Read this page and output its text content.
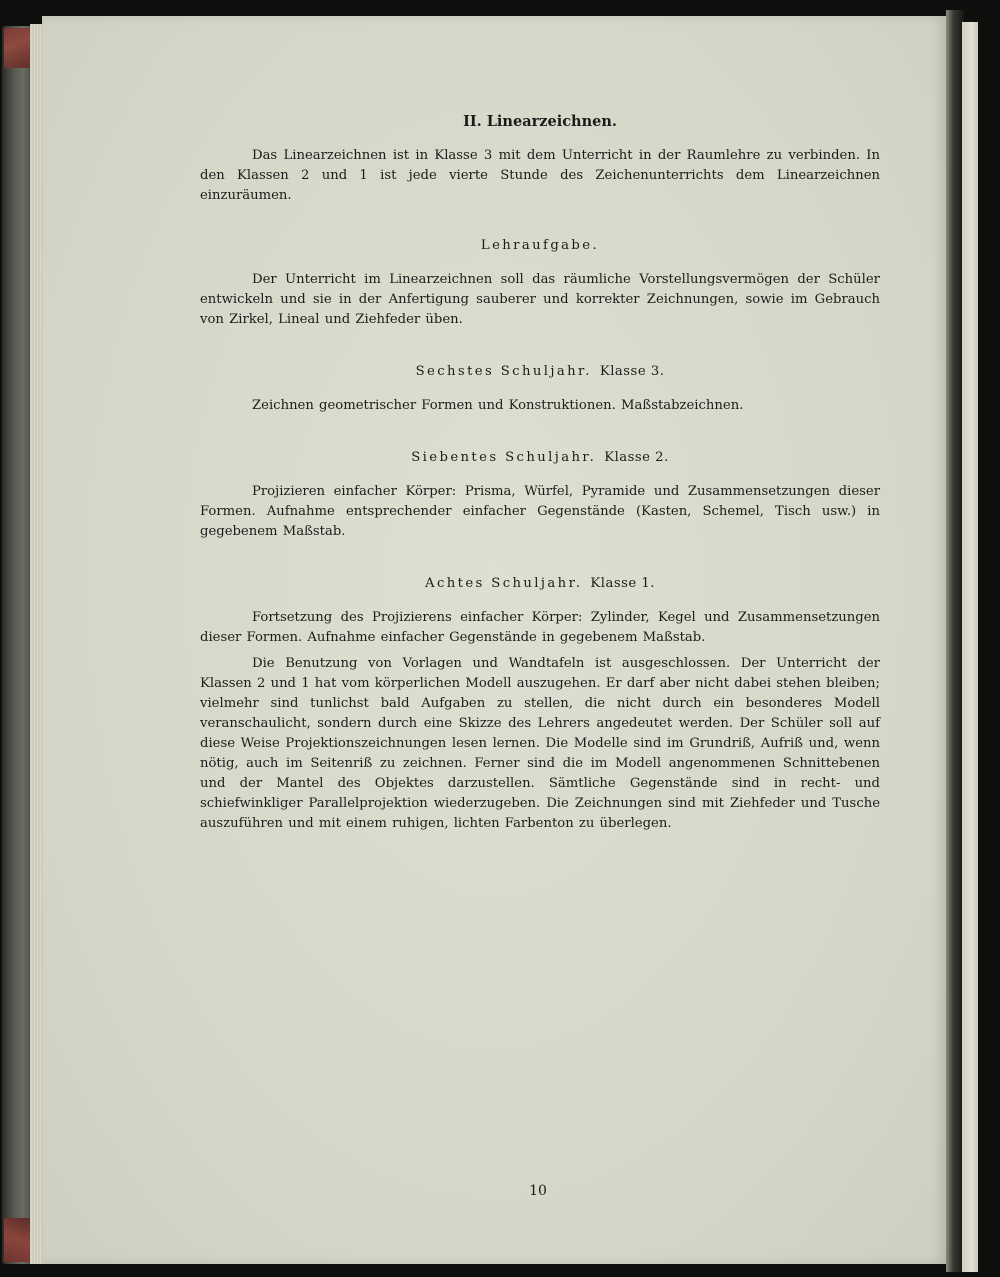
II. Linearzeichnen.

Das Linearzeichnen ist in Klasse 3 mit dem Unterricht in der Raumlehre zu verbinden. In den Klassen 2 und 1 ist jede vierte Stunde des Zeichenunterrichts dem Linearzeichnen einzuräumen.

Lehraufgabe.

Der Unterricht im Linearzeichnen soll das räumliche Vorstellungsvermögen der Schüler entwickeln und sie in der Anfertigung sauberer und korrekter Zeichnungen, sowie im Gebrauch von Zirkel, Lineal und Ziehfeder üben.

Sechstes Schuljahr. Klasse 3.

Zeichnen geometrischer Formen und Konstruktionen. Maßstabzeichnen.

Siebentes Schuljahr. Klasse 2.

Projizieren einfacher Körper: Prisma, Würfel, Pyramide und Zusammensetzungen dieser Formen. Aufnahme entsprechender einfacher Gegenstände (Kasten, Schemel, Tisch usw.) in gegebenem Maßstab.

Achtes Schuljahr. Klasse 1.

Fortsetzung des Projizierens einfacher Körper: Zylinder, Kegel und Zusammensetzungen dieser Formen. Aufnahme einfacher Gegenstände in gegebenem Maßstab.

Die Benutzung von Vorlagen und Wandtafeln ist ausgeschlossen. Der Unterricht der Klassen 2 und 1 hat vom körperlichen Modell auszugehen. Er darf aber nicht dabei stehen bleiben; vielmehr sind tunlichst bald Aufgaben zu stellen, die nicht durch ein besonderes Modell veranschaulicht, sondern durch eine Skizze des Lehrers angedeutet werden. Der Schüler soll auf diese Weise Projektionszeichnungen lesen lernen. Die Modelle sind im Grundriß, Aufriß und, wenn nötig, auch im Seitenriß zu zeichnen. Ferner sind die im Modell angenommenen Schnittebenen und der Mantel des Objektes darzustellen. Sämtliche Gegenstände sind in recht- und schiefwinkliger Parallelprojektion wiederzugeben. Die Zeichnungen sind mit Ziehfeder und Tusche auszuführen und mit einem ruhigen, lichten Farbenton zu überlegen.

10
